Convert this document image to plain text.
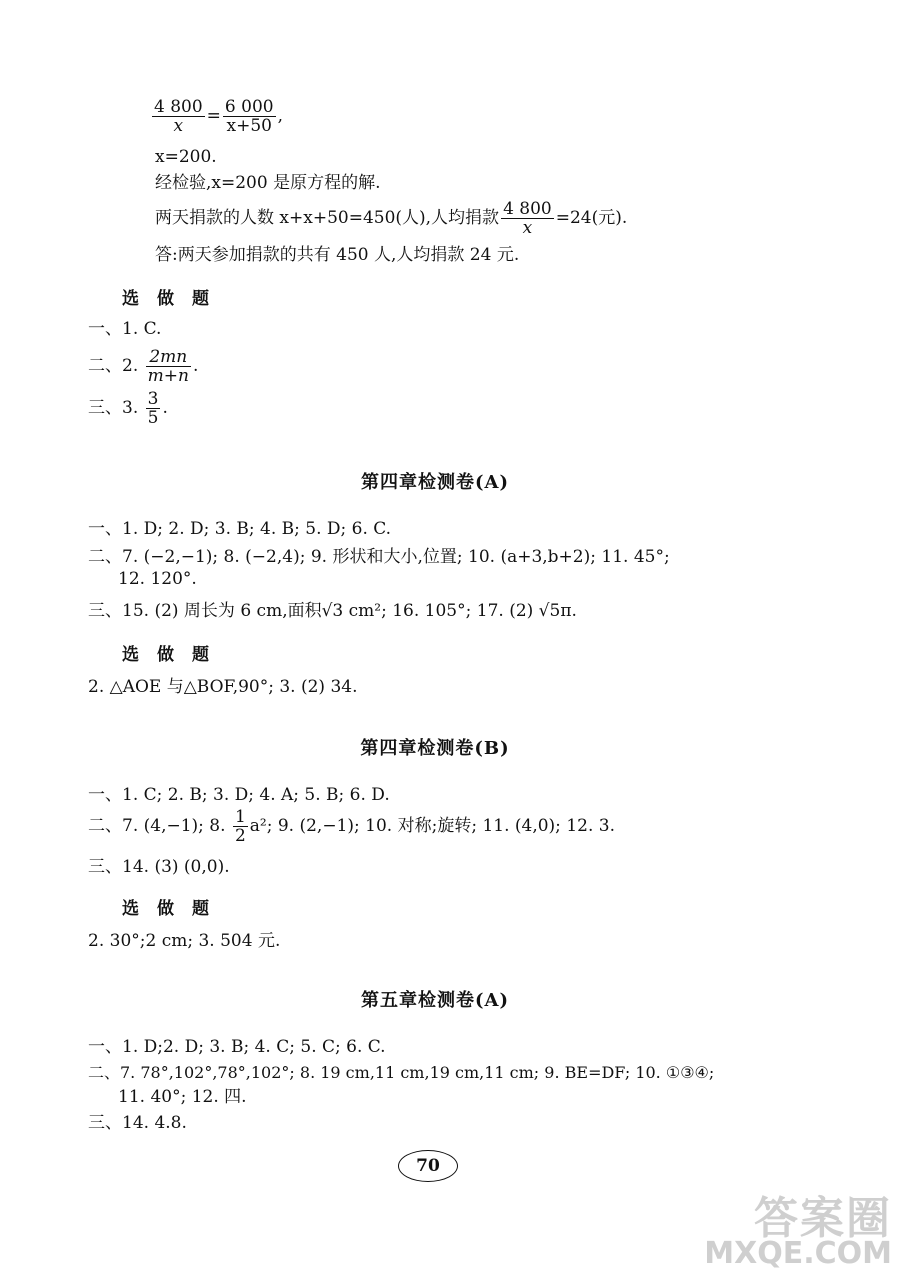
$\frac{4 800}{x} = \frac{6 000}{x+50}$ ,
x=200.
经检验,x=200 是原方程的解.
两天捐款的人数 x+x+50=450(人),人均捐款 $\frac{4 800}{x} =24$(元).
答:两天参加捐款的共有 450 人,人均捐款 24 元.
选做题
一、1. C.
二、2. $\frac{2mn}{m+n}$ .
三、3. $\frac{3}{5}$ .
第四章检测卷(A)
一、1. D; 2. D; 3. B; 4. B; 5. D; 6. C.
二、7. (−2,−1); 8. (−2,4); 9. 形状和大小,位置; 10. (a+3,b+2); 11. 45°;
12. 120°.
三、15. (2) 周长为 6 cm,面积√3 cm²; 16. 105°; 17. (2) √5π.
选做题
2. △AOE 与△BOF,90°; 3. (2) 34.
第四章检测卷(B)
一、1. C; 2. B; 3. D; 4. A; 5. B; 6. D.
二、7. (4,−1); 8. $\frac{1}{2} a^2$; 9. (2,−1); 10. 对称;旋转; 11. (4,0); 12. 3.
三、14. (3) (0,0).
选做题
2. 30°;2 cm; 3. 504 元.
第五章检测卷(A)
一、1. D;2. D; 3. B; 4. C; 5. C; 6. C.
二、7. 78°,102°,78°,102°; 8. 19 cm,11 cm,19 cm,11 cm; 9. BE=DF; 10. ①③④;
11. 40°; 12. 四.
三、14. 4.8.
70
答案圈
MXQE.COM
